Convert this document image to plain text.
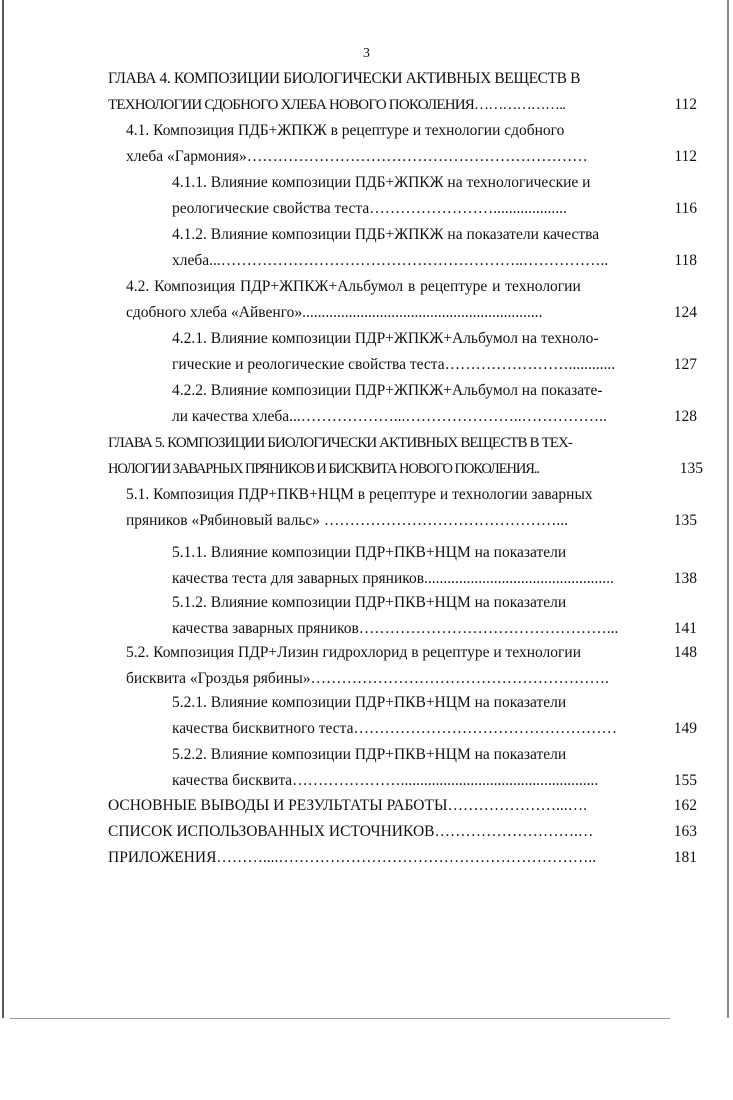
3
ГЛАВА 4. КОМПОЗИЦИИ БИОЛОГИЧЕСКИ АКТИВНЫХ ВЕЩЕСТВ В
ТЕХНОЛОГИИ СДОБНОГО ХЛЕБА НОВОГО ПОКОЛЕНИЯ………………..	112
4.1. Композиция ПДБ+ЖПКЖ в рецептуре и технологии сдобного
хлеба «Гармония»…………………………………………………………	112
4.1.1. Влияние композиции ПДБ+ЖПКЖ на технологические и
реологические свойства теста……………………...................	116
4.1.2. Влияние композиции ПДБ+ЖПКЖ на показатели качества
хлеба...…………………………………………………..……………..	118
4.2. Композиция ПДР+ЖПКЖ+Альбумол в рецептуре и технологии
сдобного хлеба «Айвенго»..............................................................	124
4.2.1. Влияние композиции ПДР+ЖПКЖ+Альбумол на техноло-
гические и реологические свойства теста……………………............	127
4.2.2. Влияние композиции ПДР+ЖПКЖ+Альбумол на показате-
ли качества хлеба...………………...…………………..……………..	128
ГЛАВА 5. КОМПОЗИЦИИ БИОЛОГИЧЕСКИ АКТИВНЫХ ВЕЩЕСТВ В ТЕХ-
НОЛОГИИ ЗАВАРНЫХ ПРЯНИКОВ И БИСКВИТА НОВОГО ПОКОЛЕНИЯ..	135
5.1. Композиция ПДР+ПКВ+НЦМ в рецептуре и технологии заварных
пряников «Рябиновый вальс» ………………………………………...	135
5.1.1. Влияние композиции ПДР+ПКВ+НЦМ на показатели
качества теста для заварных пряников.................................................	138
5.1.2. Влияние композиции ПДР+ПКВ+НЦМ на показатели
качества заварных пряников…………………………………………...	141
5.2. Композиция ПДР+Лизин гидрохлорид в рецептуре и технологии	148
бисквита «Гроздья рябины»………………………………………………….
5.2.1. Влияние композиции ПДР+ПКВ+НЦМ на показатели
качества бисквитного теста……………………………………………	149
5.2.2. Влияние композиции ПДР+ПКВ+НЦМ на показатели
качества бисквита…………………...................................................	155
ОСНОВНЫЕ ВЫВОДЫ И РЕЗУЛЬТАТЫ РАБОТЫ…………………...….	162
СПИСОК ИСПОЛЬЗОВАННЫХ ИСТОЧНИКОВ……………………….…	163
ПРИЛОЖЕНИЯ………....……………………………………………………..	181
